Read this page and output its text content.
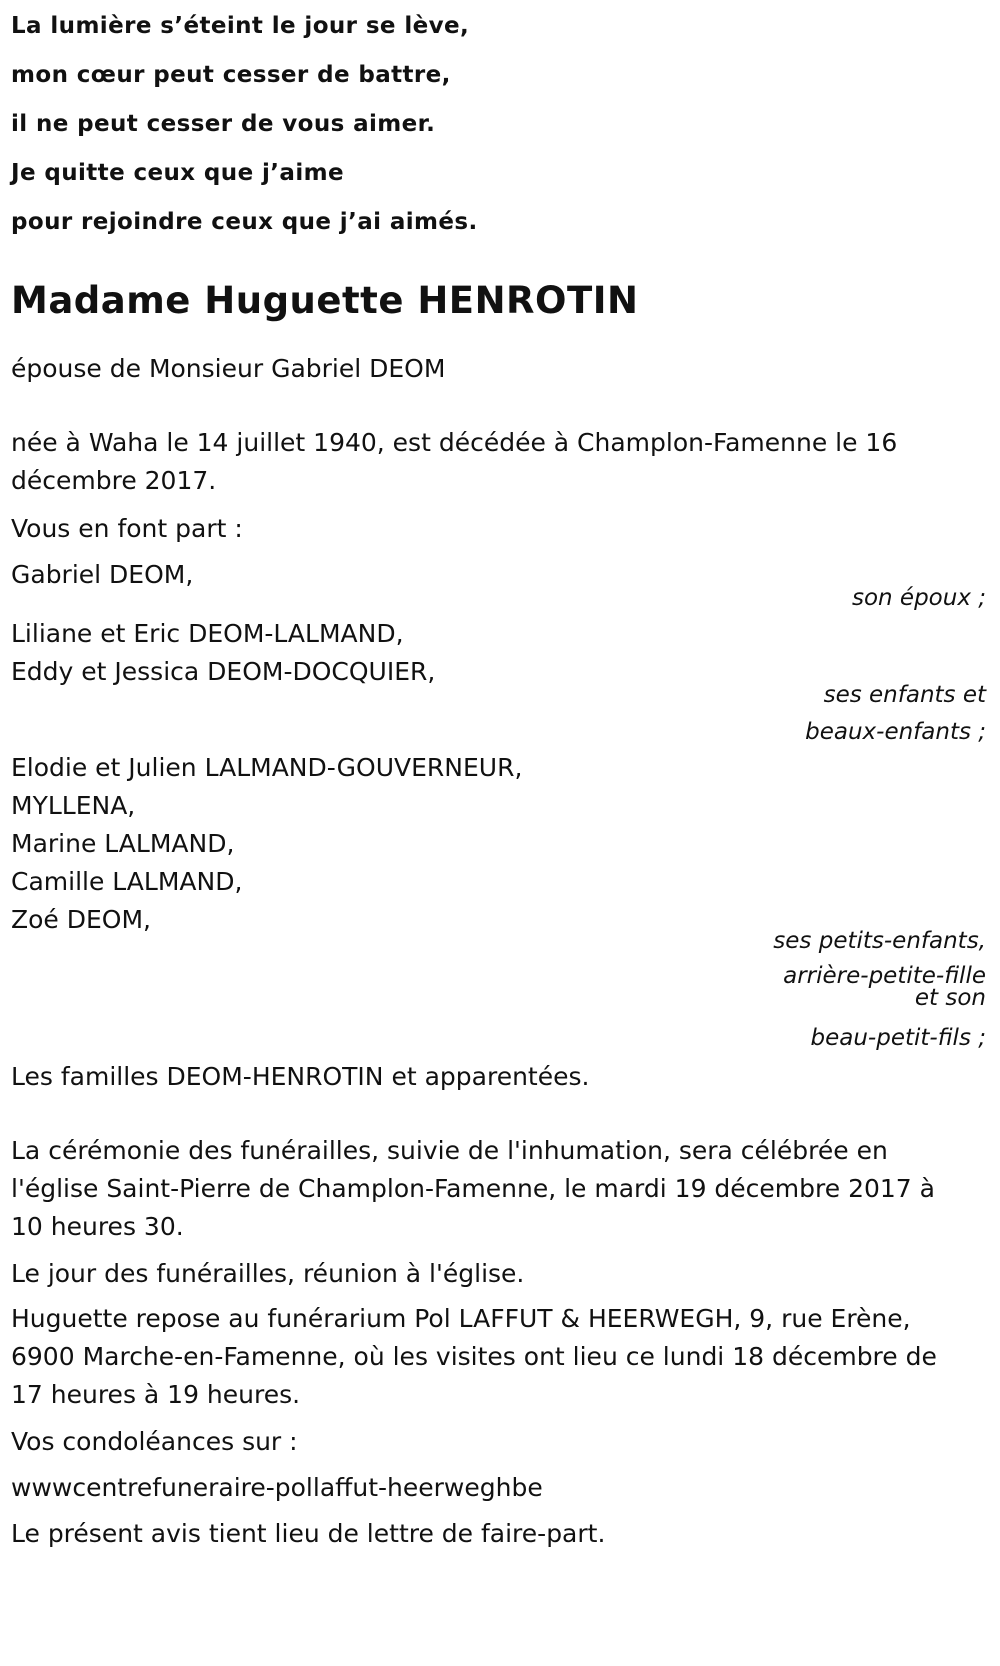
La lumière s’éteint le jour se lève,
mon cœur peut cesser de battre,
il ne peut cesser de vous aimer.
Je quitte ceux que j’aime
pour rejoindre ceux que j’ai aimés.
Madame Huguette HENROTIN

épouse de Monsieur Gabriel DEOM

née à Waha le 14 juillet 1940, est décédée à Champlon-Famenne le 16 décembre 2017.

Vous en font part :

Gabriel DEOM,
son époux ;
Liliane et Eric DEOM-LALMAND,
Eddy et Jessica DEOM-DOCQUIER,
ses enfants et
beaux-enfants ;
Elodie et Julien LALMAND-GOUVERNEUR,
MYLLENA,
Marine LALMAND,
Camille LALMAND,
Zoé DEOM,
ses petits-enfants,
arrière-petite-fille
et son
beau-petit-fils ;

Les familles DEOM-HENROTIN et apparentées.

La cérémonie des funérailles, suivie de l'inhumation, sera célébrée en l'église Saint-Pierre de Champlon-Famenne, le mardi 19 décembre 2017 à 10 heures 30.

Le jour des funérailles, réunion à l'église.

Huguette repose au funérarium Pol LAFFUT & HEERWEGH, 9, rue Erène, 6900 Marche-en-Famenne, où les visites ont lieu ce lundi 18 décembre de 17 heures à 19 heures.

Vos condoléances sur :

wwwcentrefuneraire-pollaffut-heerweghbe

Le présent avis tient lieu de lettre de faire-part.
